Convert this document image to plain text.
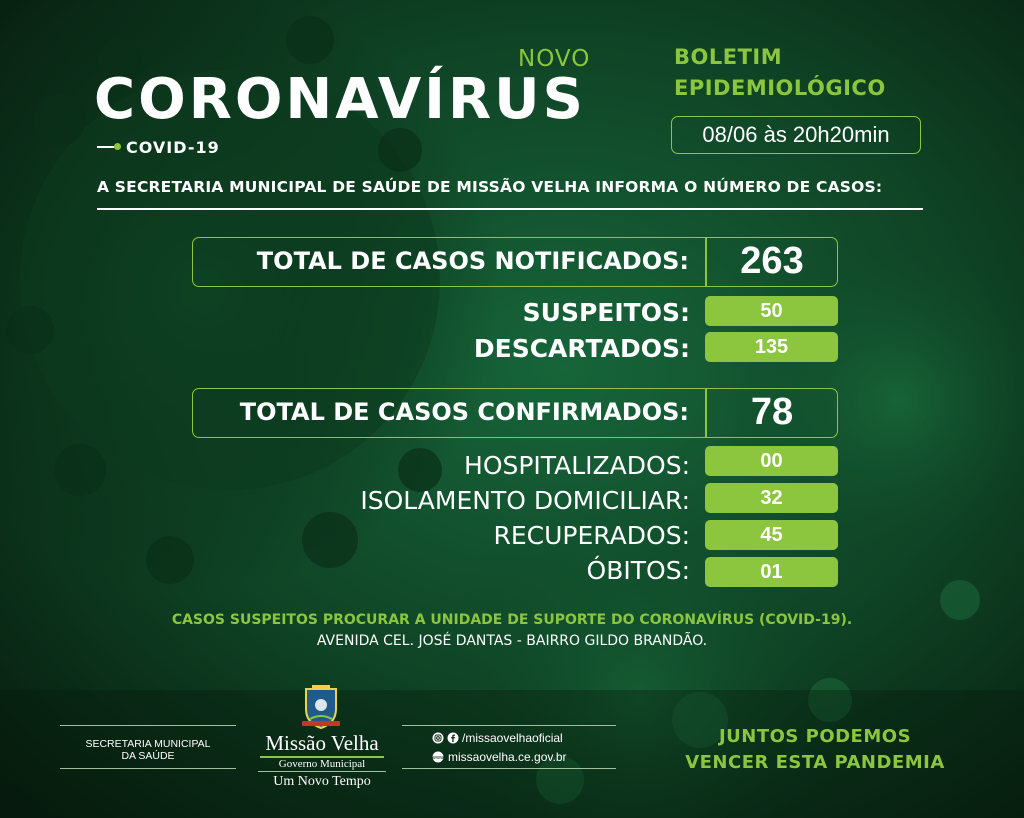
NOVO
CORONAVÍRUS
COVID-19
BOLETIM
EPIDEMIOLÓGICO
08/06 às 20h20min
A SECRETARIA MUNICIPAL DE SAÚDE DE MISSÃO VELHA INFORMA O NÚMERO DE CASOS:
TOTAL DE CASOS NOTIFICADOS:	263
SUSPEITOS:	50
DESCARTADOS:	135
TOTAL DE CASOS CONFIRMADOS:	78
HOSPITALIZADOS:	00
ISOLAMENTO DOMICILIAR:	32
RECUPERADOS:	45
ÓBITOS:	01
CASOS SUSPEITOS PROCURAR A UNIDADE DE SUPORTE DO CORONAVÍRUS (COVID-19).
AVENIDA CEL. JOSÉ DANTAS - BAIRRO GILDO BRANDÃO.
SECRETARIA MUNICIPAL
DA SAÚDE
Missão Velha
Governo Municipal
Um Novo Tempo
/missaovelhaoficial
www missaovelha.ce.gov.br
JUNTOS PODEMOS
VENCER ESTA PANDEMIA
